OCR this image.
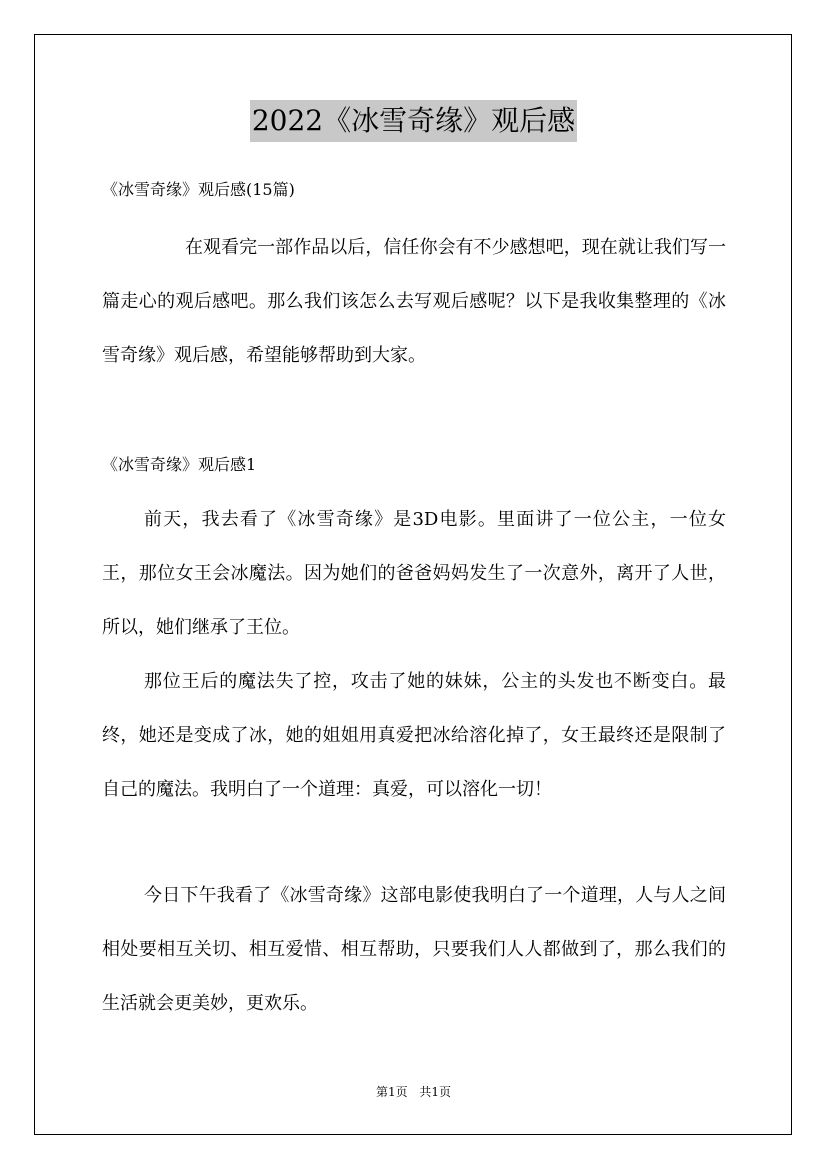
2022《冰雪奇缘》观后感
《冰雪奇缘》观后感(15篇)

在观看完一部作品以后，信任你会有不少感想吧，现在就让我们写一篇走心的观后感吧。那么我们该怎么去写观后感呢？以下是我收集整理的《冰雪奇缘》观后感，希望能够帮助到大家。

《冰雪奇缘》观后感1

前天，我去看了《冰雪奇缘》是3D电影。里面讲了一位公主，一位女王，那位女王会冰魔法。因为她们的爸爸妈妈发生了一次意外，离开了人世，所以，她们继承了王位。

那位王后的魔法失了控，攻击了她的妹妹，公主的头发也不断变白。最终，她还是变成了冰，她的姐姐用真爱把冰给溶化掉了，女王最终还是限制了自己的魔法。我明白了一个道理：真爱，可以溶化一切！

今日下午我看了《冰雪奇缘》这部电影使我明白了一个道理，人与人之间相处要相互关切、相互爱惜、相互帮助，只要我们人人都做到了，那么我们的生活就会更美妙，更欢乐。

第1页 共1页
